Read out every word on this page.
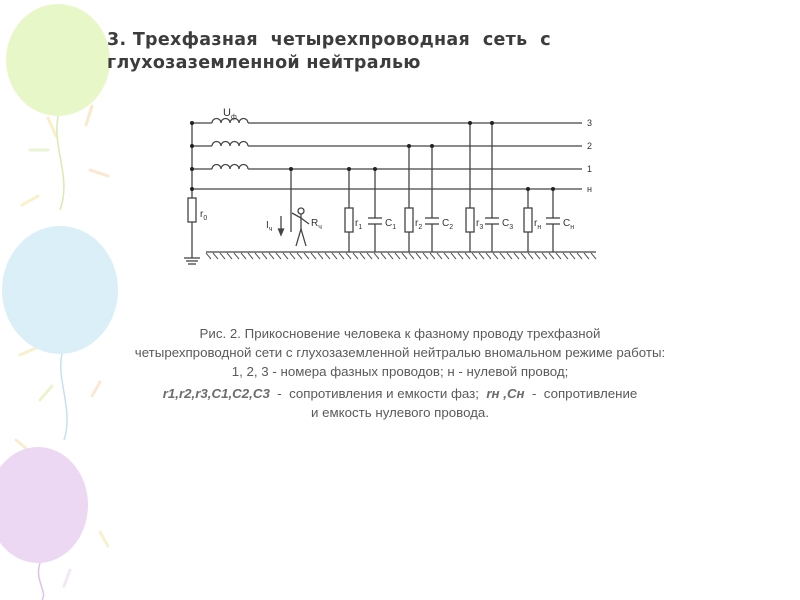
3. Трехфазная  четырехпроводная  сеть  с
глухозаземленной нейтралью
3
2
1
н
$U_ф$
$r_0$
$I_ч$
$R_ч$	$r_1$ $C_1$ $r_2$ $C_2$ $r_3$ $C_3$ $r_н$ $C_н$
Рис. 2. Прикосновение человека к фазному проводу трехфазной
четырехпроводной сети с глухозаземленной нейтралью вномальном режиме работы:
1, 2, 3 - номера фазных проводов; н - нулевой провод;
r1,r2,r3,C1,C2,C3  -  сопротивления и емкости фаз;  rн ,Cн  -  сопротивление
и емкость нулевого провода.
